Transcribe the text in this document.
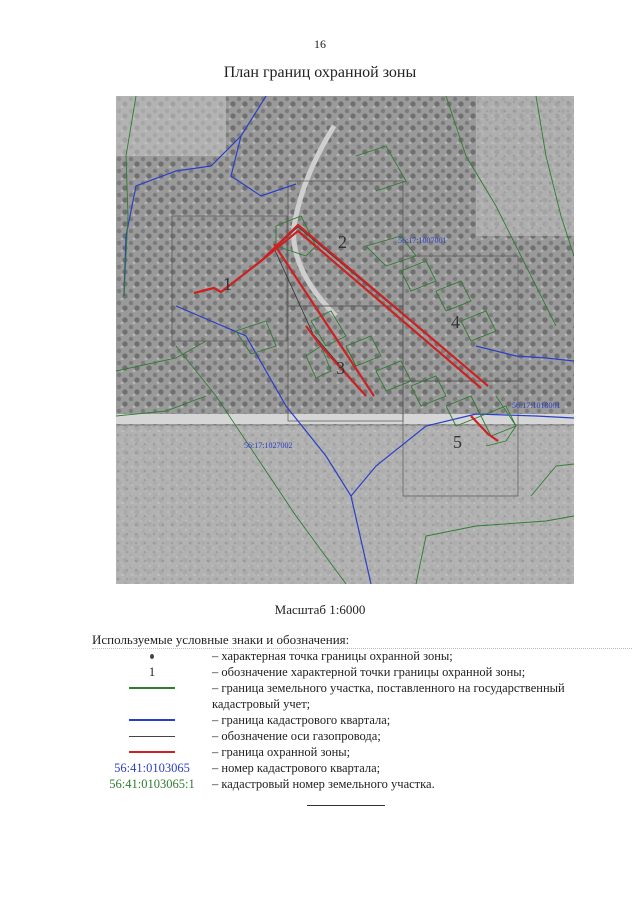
16
План границ охранной зоны
1
2
3
4
5
56:17:1007001
56:17:1018001
56:17:1027002
Масштаб 1:6000
Используемые условные знаки и обозначения:
– характерная точка границы охранной зоны;
1	– обозначение характерной точки границы охранной зоны;
– граница земельного участка, поставленного на государственный кадастровый учет;
– граница кадастрового квартала;
– обозначение оси газопровода;
– граница охранной зоны;
56:41:0103065	– номер кадастрового квартала;
56:41:0103065:1	– кадастровый номер земельного участка.
